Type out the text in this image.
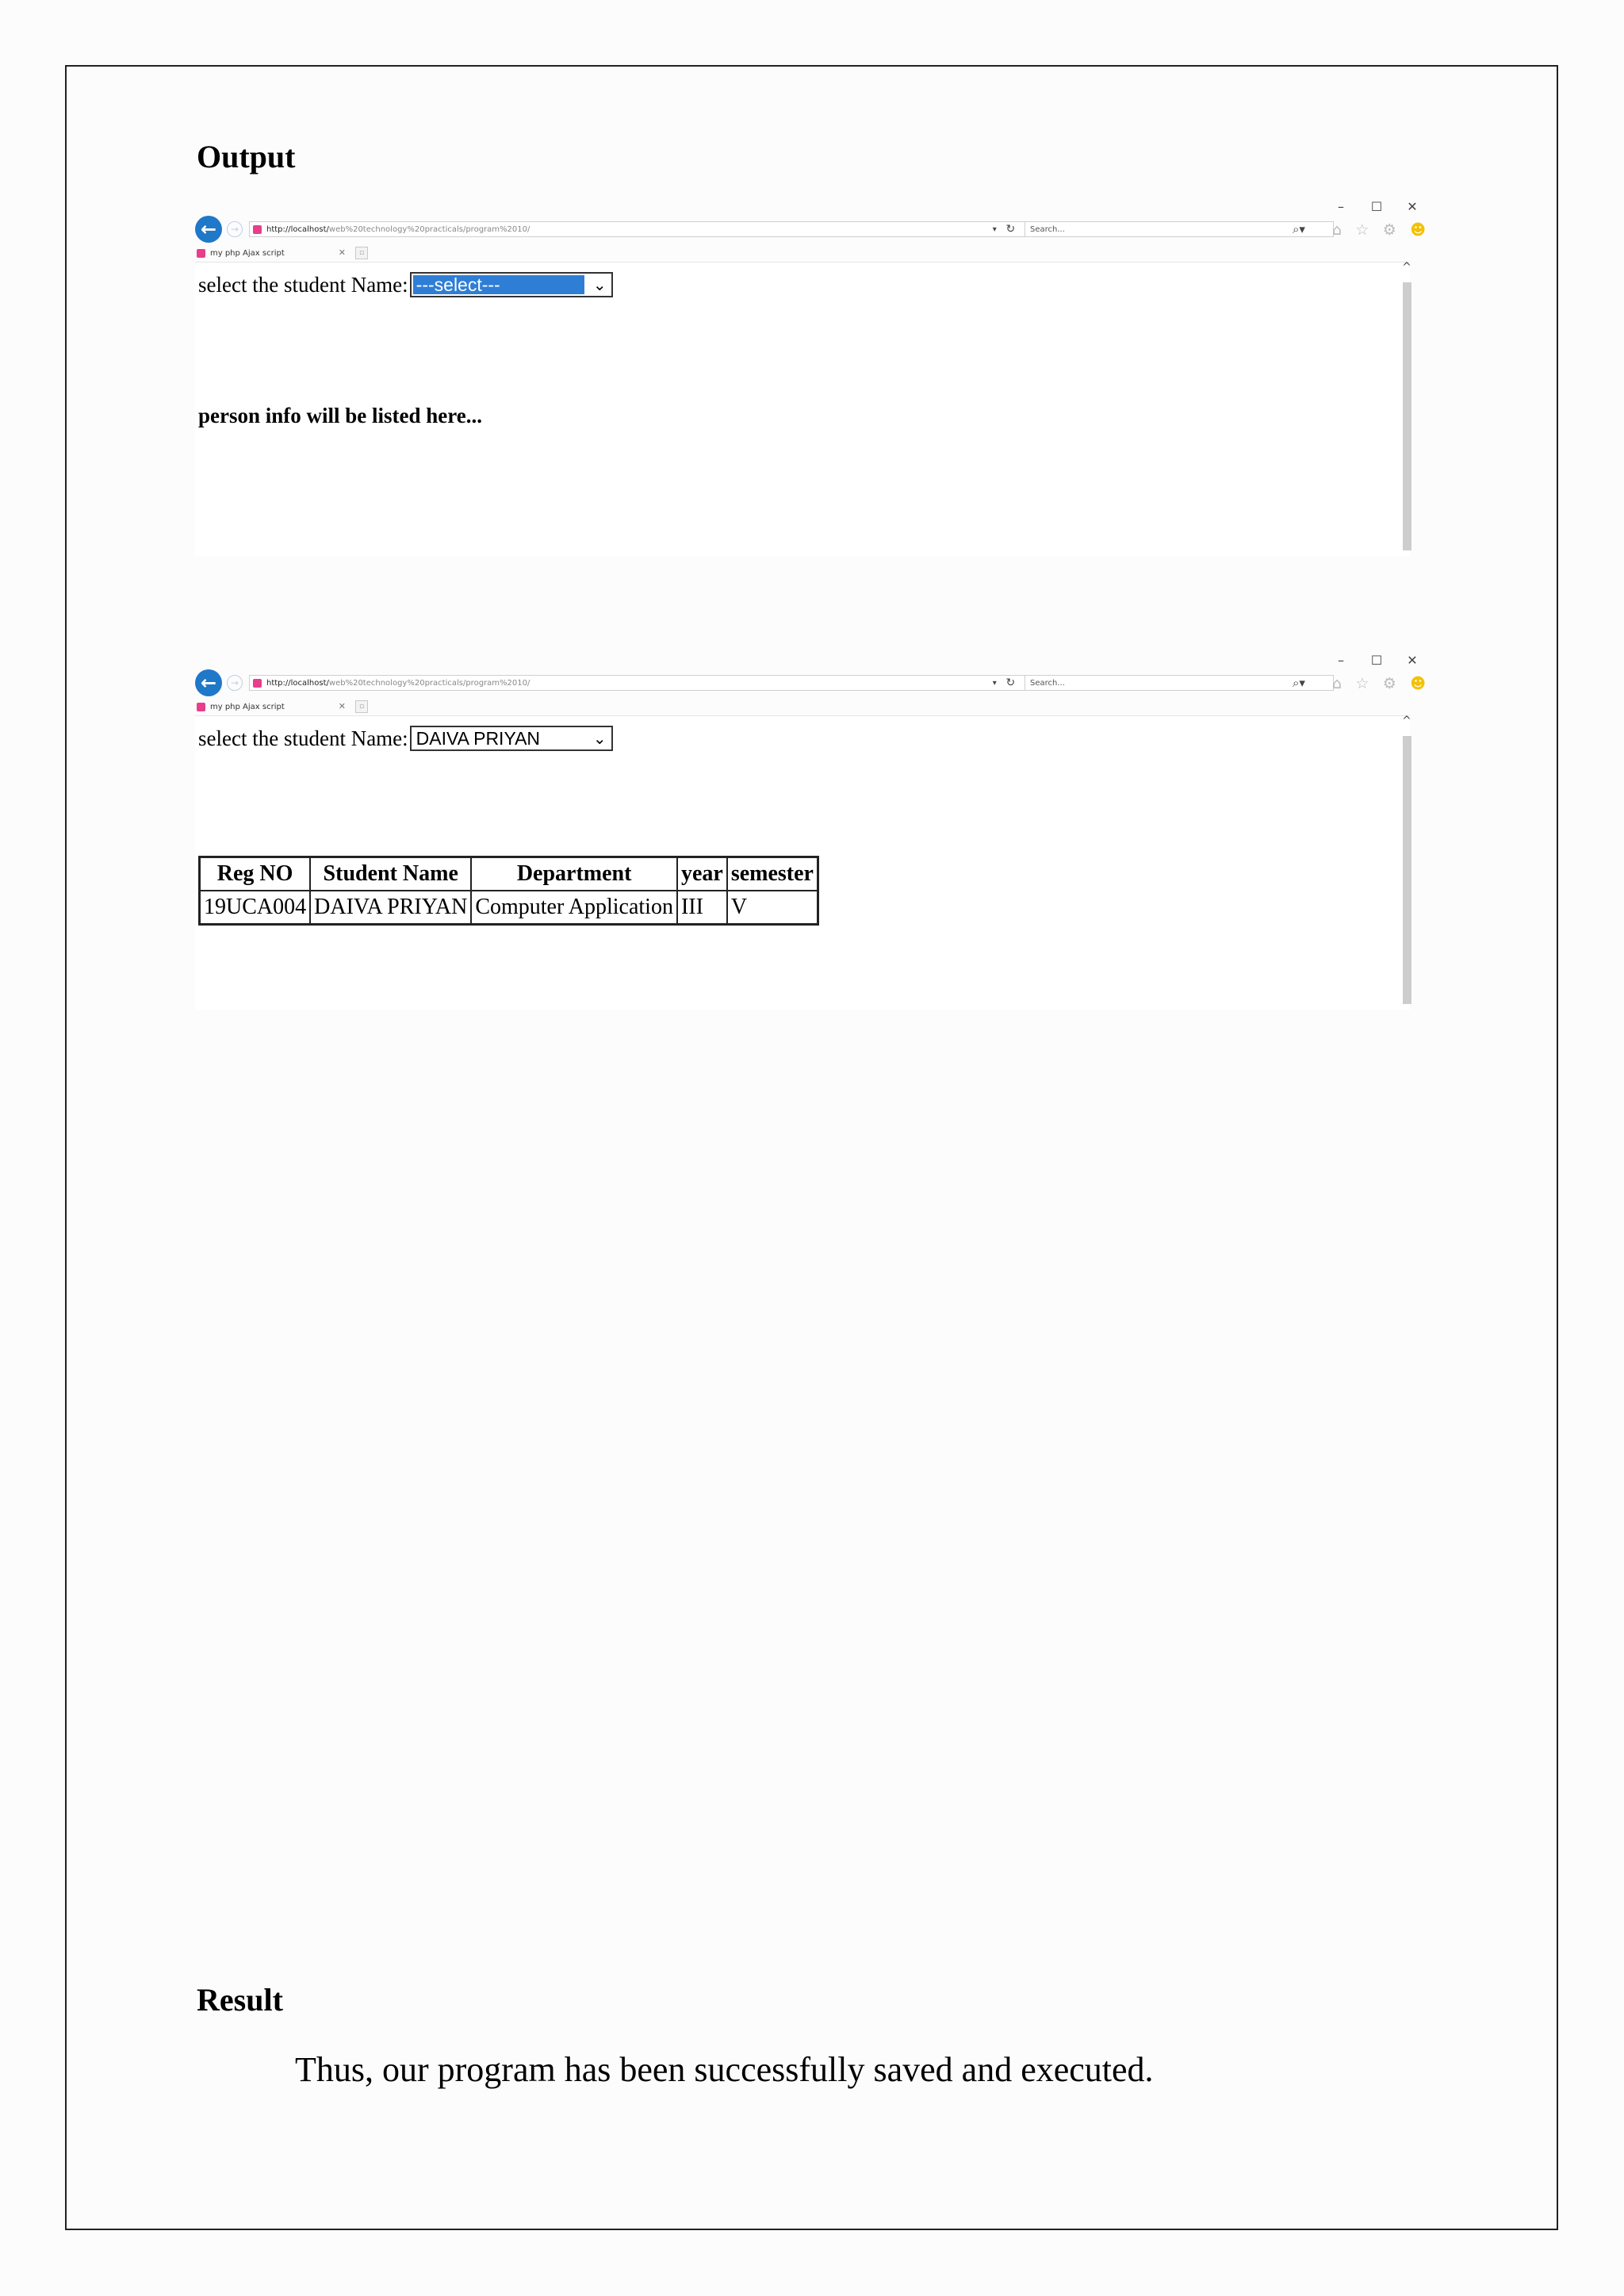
Output
–	☐	✕
←	→	http://localhost/ web%20technology%20practicals/program%2010/	▾ ↻	Search...	⌕▾ ⌂ ☆ ⚙ ☻
my php Ajax script	✕	▫
select the student Name: ---select---	⌄
person info will be listed here...
^
–	☐	✕
←	→	http://localhost/ web%20technology%20practicals/program%2010/	▾ ↻	Search...	⌕▾ ⌂ ☆ ⚙ ☻
my php Ajax script	✕	▫
select the student Name: DAIVA PRIYAN	⌄
Reg NO	Student Name	Department	year	semester
19UCA004	DAIVA PRIYAN	Computer Application	III	V
^
Result
Thus, our program has been successfully saved and executed.
